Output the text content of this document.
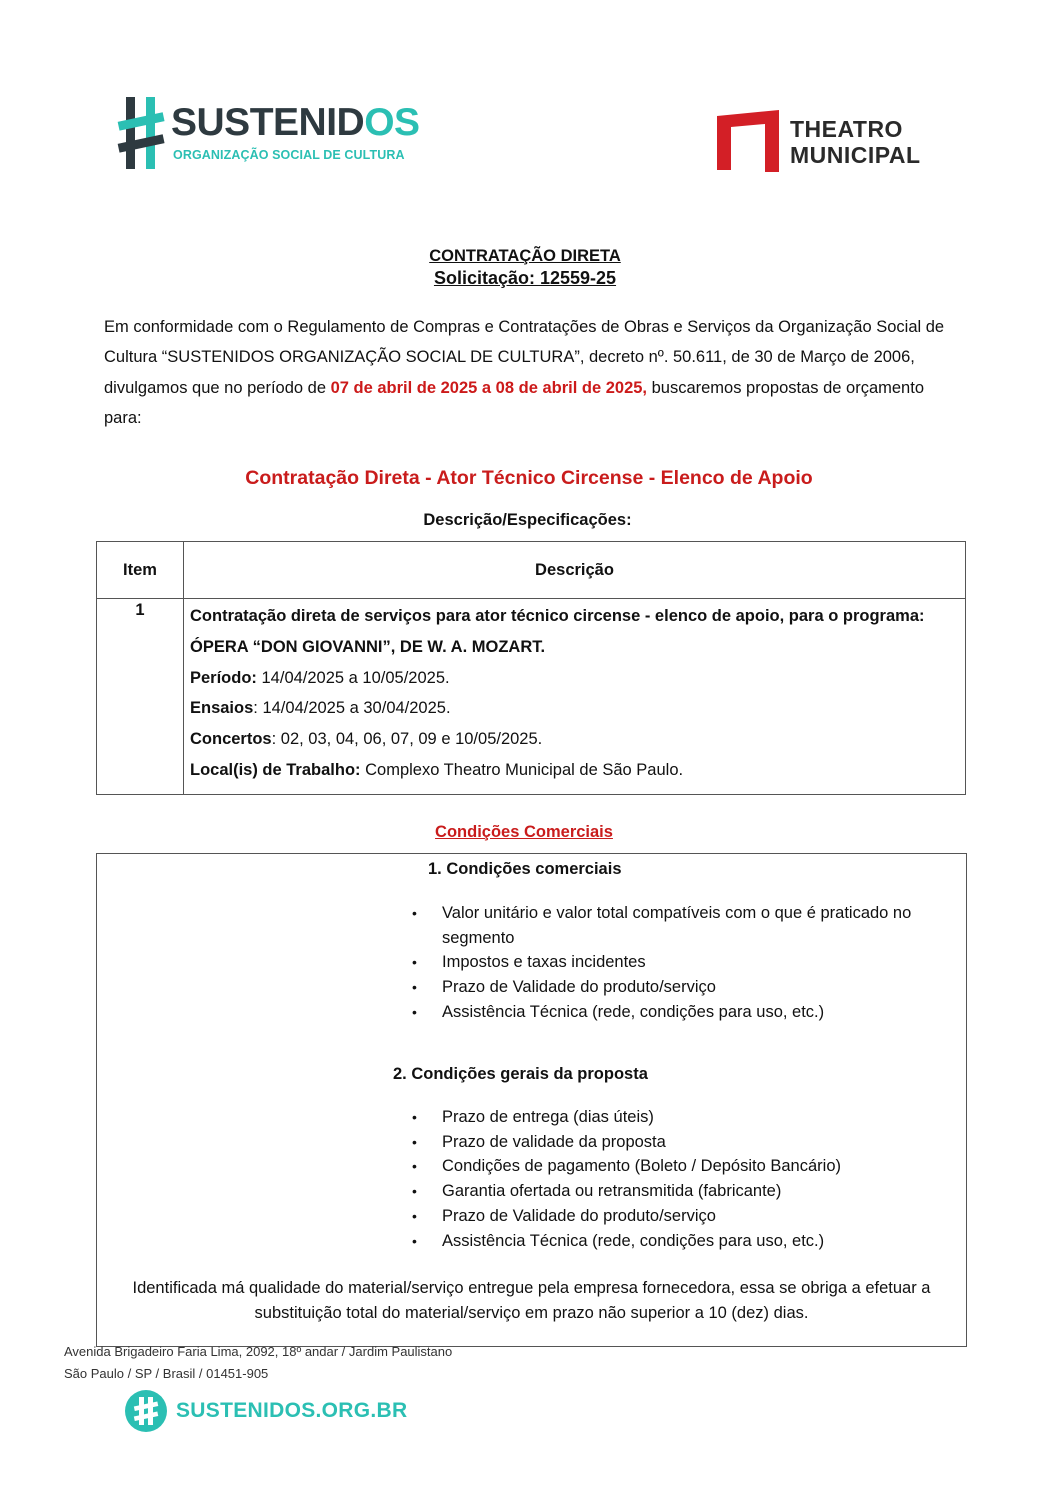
SUSTENIDOS
ORGANIZAÇÃO SOCIAL DE CULTURA
THEATRO
MUNICIPAL
CONTRATAÇÃO DIRETA
Solicitação: 12559-25
Em conformidade com o Regulamento de Compras e Contratações de Obras e Serviços da Organização Social de Cultura “SUSTENIDOS ORGANIZAÇÃO SOCIAL DE CULTURA”, decreto nº. 50.611, de 30 de Março de 2006, divulgamos que no período de 07 de abril de 2025 a 08 de abril de 2025, buscaremos propostas de orçamento para:
Contratação Direta - Ator Técnico Circense - Elenco de Apoio
Descrição/Especificações:
Item	Descrição
1	Contratação direta de serviços para ator técnico circense - elenco de apoio, para o programa: ÓPERA “DON GIOVANNI”, DE W. A. MOZART.
Período: 14/04/2025 a 10/05/2025.
Ensaios: 14/04/2025 a 30/04/2025.
Concertos: 02, 03, 04, 06, 07, 09 e 10/05/2025.
Local(is) de Trabalho: Complexo Theatro Municipal de São Paulo.
Condições Comerciais
1. Condições comerciais
• Valor unitário e valor total compatíveis com o que é praticado no segmento
• Impostos e taxas incidentes
• Prazo de Validade do produto/serviço
• Assistência Técnica (rede, condições para uso, etc.)
2. Condições gerais da proposta
• Prazo de entrega (dias úteis)
• Prazo de validade da proposta
• Condições de pagamento (Boleto / Depósito Bancário)
• Garantia ofertada ou retransmitida (fabricante)
• Prazo de Validade do produto/serviço
• Assistência Técnica (rede, condições para uso, etc.)
Identificada má qualidade do material/serviço entregue pela empresa fornecedora, essa se obriga a efetuar a substituição total do material/serviço em prazo não superior a 10 (dez) dias.
Avenida Brigadeiro Faria Lima, 2092, 18º andar / Jardim Paulistano
São Paulo / SP / Brasil / 01451-905
SUSTENIDOS.ORG.BR
